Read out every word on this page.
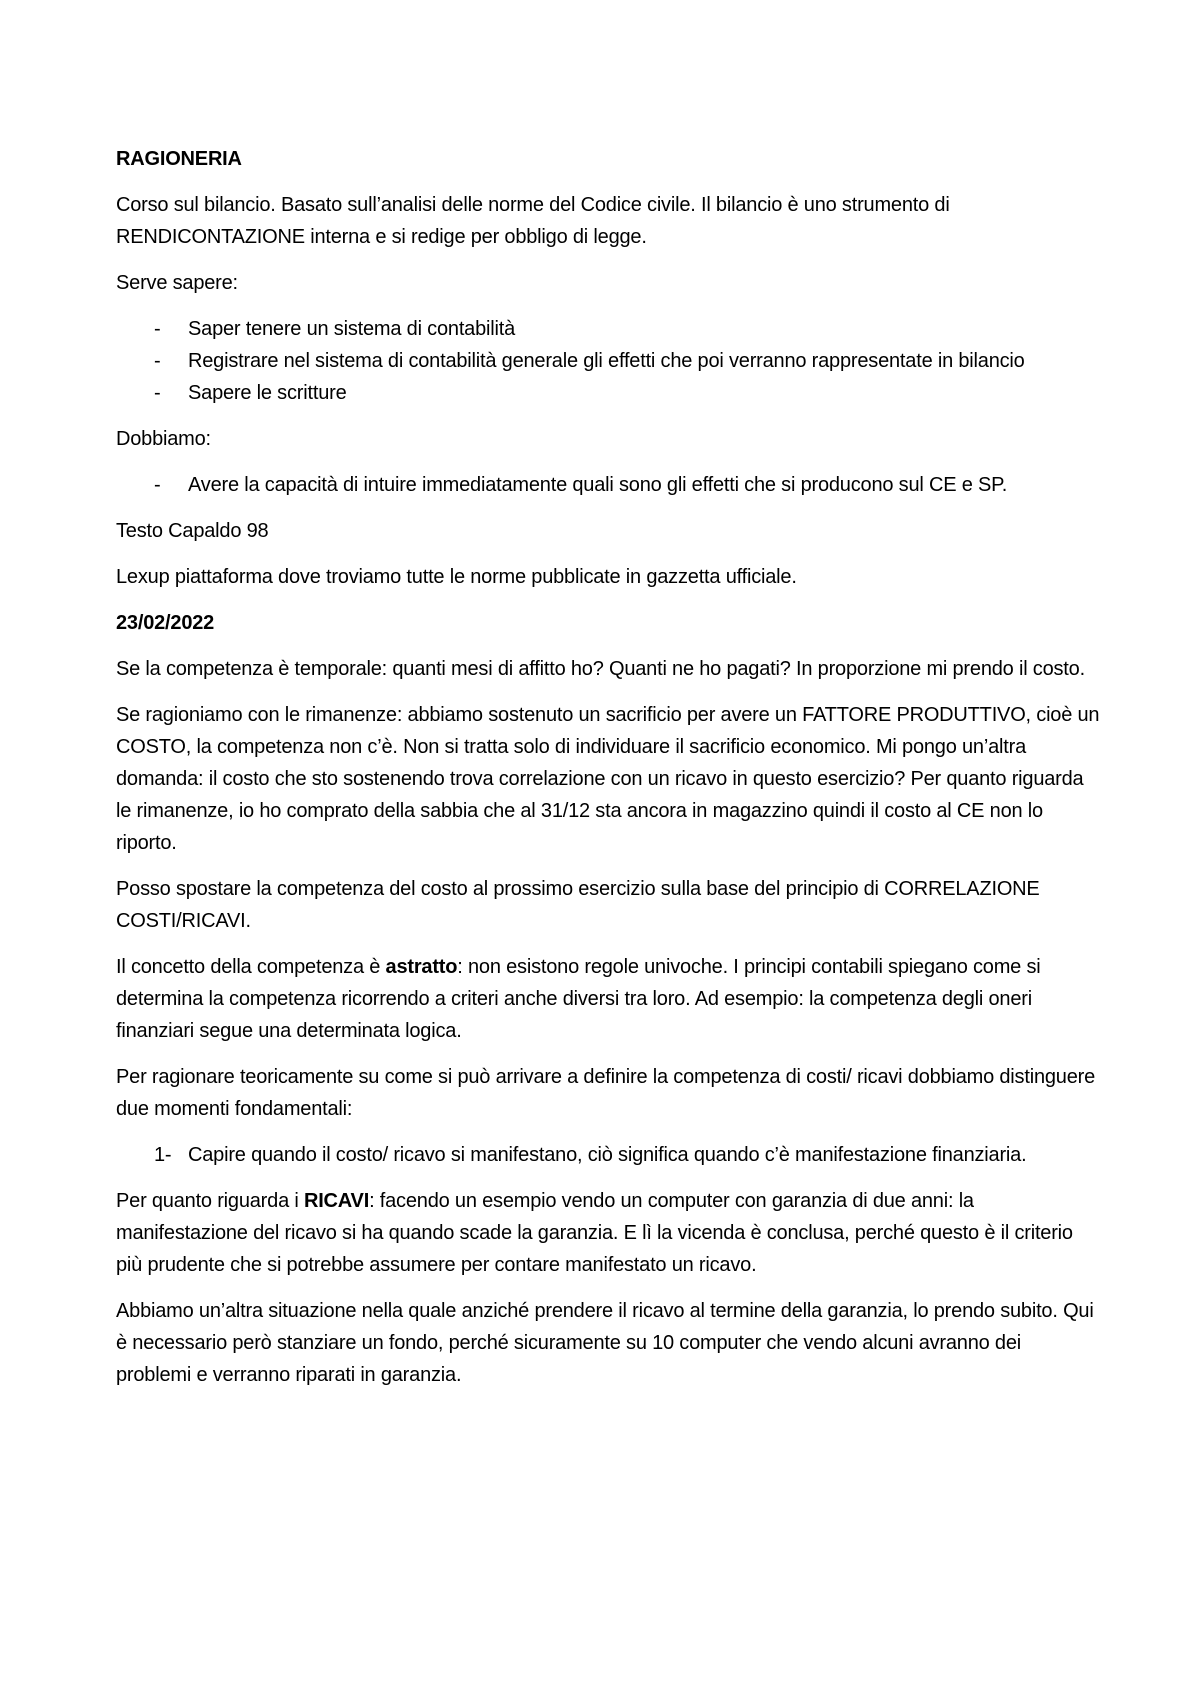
RAGIONERIA

Corso sul bilancio. Basato sull’analisi delle norme del Codice civile. Il bilancio è uno strumento di RENDICONTAZIONE interna e si redige per obbligo di legge.

Serve sapere:

- Saper tenere un sistema di contabilità
- Registrare nel sistema di contabilità generale gli effetti che poi verranno rappresentate in bilancio
- Sapere le scritture

Dobbiamo:

- Avere la capacità di intuire immediatamente quali sono gli effetti che si producono sul CE e SP.

Testo Capaldo 98

Lexup piattaforma dove troviamo tutte le norme pubblicate in gazzetta ufficiale.

23/02/2022

Se la competenza è temporale: quanti mesi di affitto ho? Quanti ne ho pagati? In proporzione mi prendo il costo.

Se ragioniamo con le rimanenze: abbiamo sostenuto un sacrificio per avere un FATTORE PRODUTTIVO, cioè un COSTO, la competenza non c’è. Non si tratta solo di individuare il sacrificio economico. Mi pongo un’altra domanda: il costo che sto sostenendo trova correlazione con un ricavo in questo esercizio? Per quanto riguarda le rimanenze, io ho comprato della sabbia che al 31/12 sta ancora in magazzino quindi il costo al CE non lo riporto.

Posso spostare la competenza del costo al prossimo esercizio sulla base del principio di CORRELAZIONE COSTI/RICAVI.

Il concetto della competenza è astratto: non esistono regole univoche. I principi contabili spiegano come si determina la competenza ricorrendo a criteri anche diversi tra loro. Ad esempio: la competenza degli oneri finanziari segue una determinata logica.

Per ragionare teoricamente su come si può arrivare a definire la competenza di costi/ ricavi dobbiamo distinguere due momenti fondamentali:

1- Capire quando il costo/ ricavo si manifestano, ciò significa quando c’è manifestazione finanziaria.

Per quanto riguarda i RICAVI: facendo un esempio vendo un computer con garanzia di due anni: la manifestazione del ricavo si ha quando scade la garanzia. E lì la vicenda è conclusa, perché questo è il criterio più prudente che si potrebbe assumere per contare manifestato un ricavo.

Abbiamo un’altra situazione nella quale anziché prendere il ricavo al termine della garanzia, lo prendo subito. Qui è necessario però stanziare un fondo, perché sicuramente su 10 computer che vendo alcuni avranno dei problemi e verranno riparati in garanzia.
